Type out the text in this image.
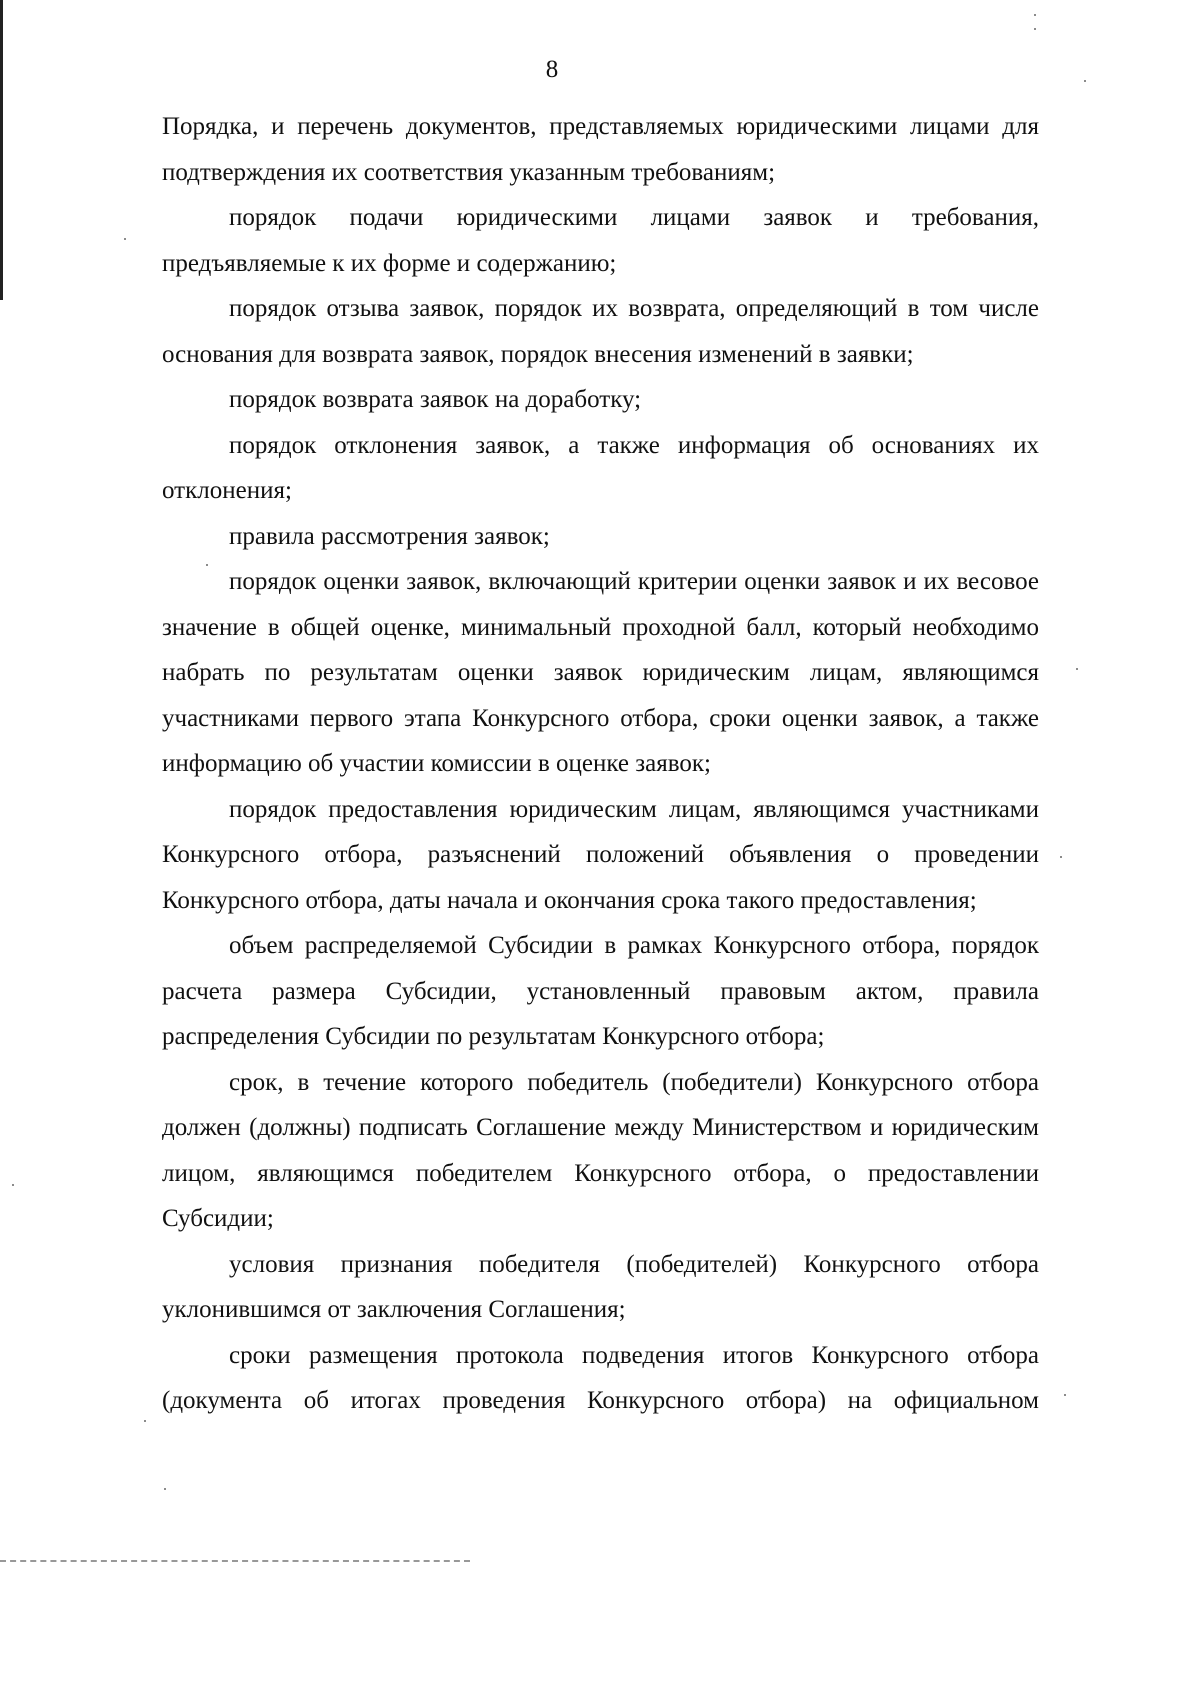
8

Порядка, и перечень документов, представляемых юридическими лицами для подтверждения их соответствия указанным требованиям;

порядок подачи юридическими лицами заявок и требования, предъявляемые к их форме и содержанию;

порядок отзыва заявок, порядок их возврата, определяющий в том числе основания для возврата заявок, порядок внесения изменений в заявки;

порядок возврата заявок на доработку;

порядок отклонения заявок, а также информация об основаниях их отклонения;

правила рассмотрения заявок;

порядок оценки заявок, включающий критерии оценки заявок и их весовое значение в общей оценке, минимальный проходной балл, который необходимо набрать по результатам оценки заявок юридическим лицам, являющимся участниками первого этапа Конкурсного отбора, сроки оценки заявок, а также информацию об участии комиссии в оценке заявок;

порядок предоставления юридическим лицам, являющимся участниками Конкурсного отбора, разъяснений положений объявления о проведении Конкурсного отбора, даты начала и окончания срока такого предоставления;

объем распределяемой Субсидии в рамках Конкурсного отбора, порядок расчета размера Субсидии, установленный правовым актом, правила распределения Субсидии по результатам Конкурсного отбора;

срок, в течение которого победитель (победители) Конкурсного отбора должен (должны) подписать Соглашение между Министерством и юридическим лицом, являющимся победителем Конкурсного отбора, о предоставлении Субсидии;

условия признания победителя (победителей) Конкурсного отбора уклонившимся от заключения Соглашения;

сроки размещения протокола подведения итогов Конкурсного отбора (документа об итогах проведения Конкурсного отбора) на официальном
